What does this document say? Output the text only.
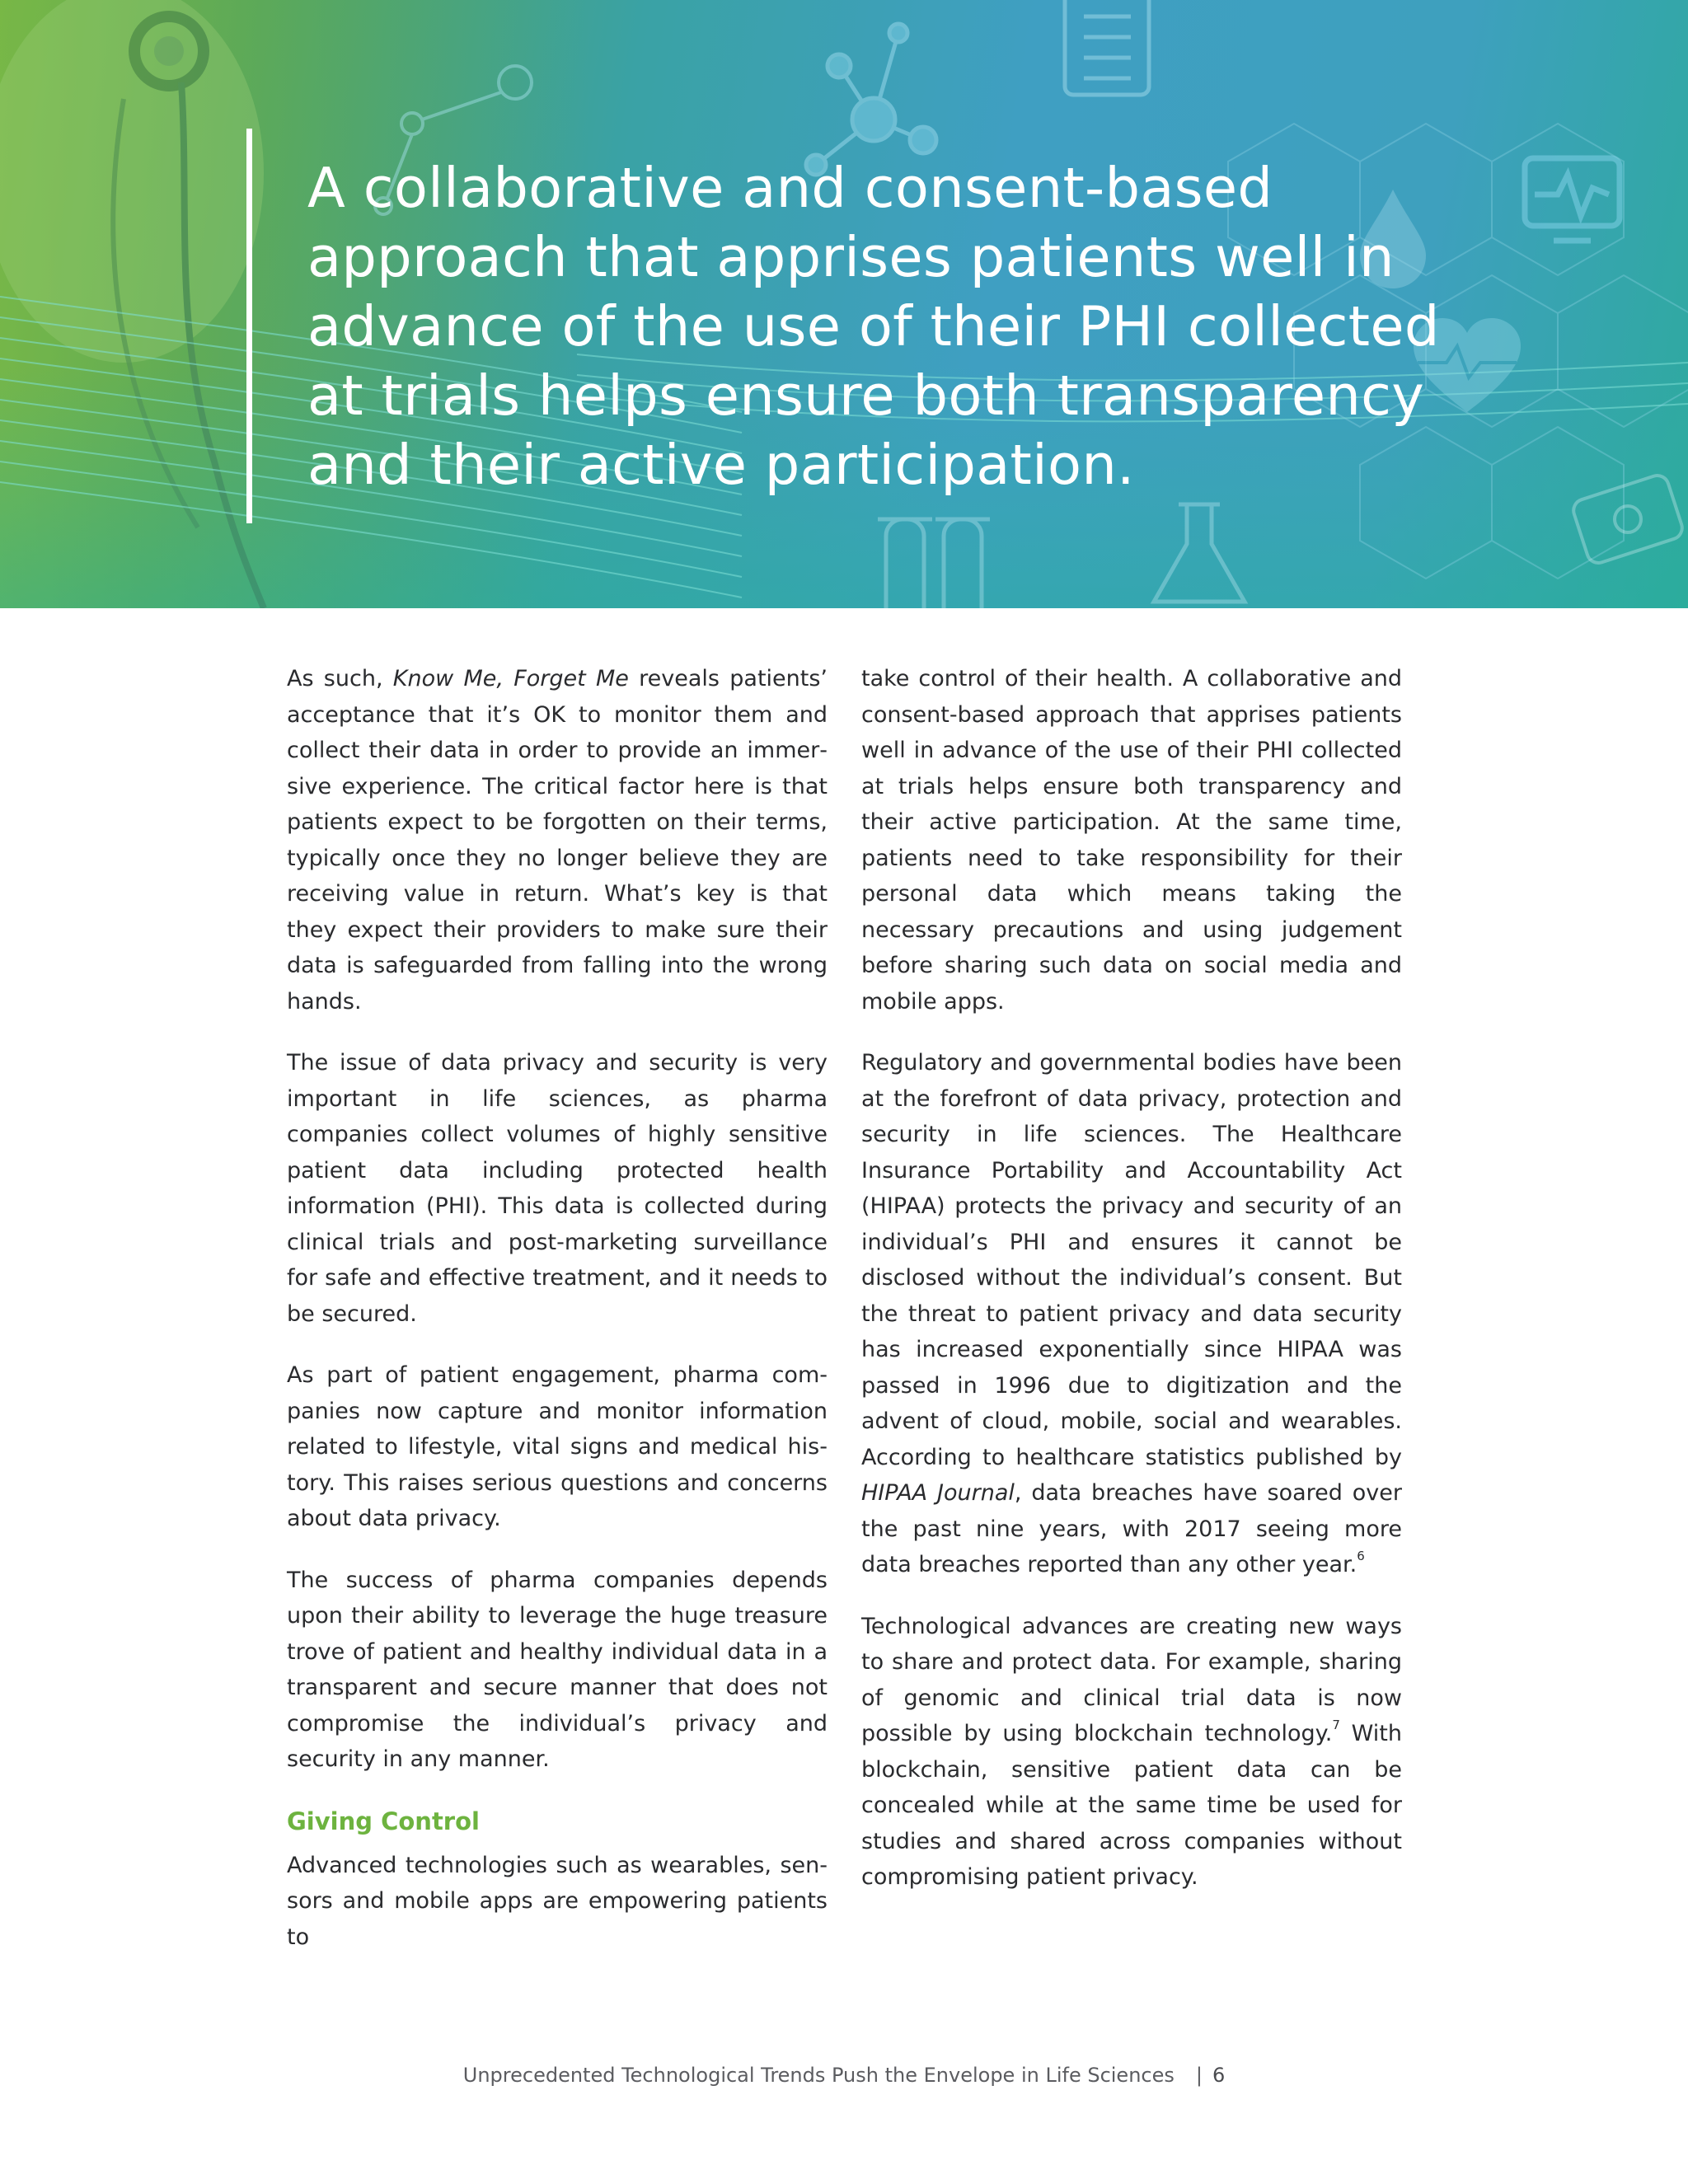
A collaborative and consent-based approach that apprises patients well in advance of the use of their PHI collected at trials helps ensure both transparency and their active participation.

As such, Know Me, Forget Me reveals patients’ acceptance that it’s OK to monitor them and collect their data in order to provide an immersive experience. The critical factor here is that patients expect to be forgotten on their terms, typically once they no longer believe they are receiving value in return. What’s key is that they expect their providers to make sure their data is safeguarded from falling into the wrong hands.

The issue of data privacy and security is very important in life sciences, as pharma companies collect volumes of highly sensitive patient data including protected health information (PHI). This data is collected during clinical trials and post-marketing surveillance for safe and effective treatment, and it needs to be secured.

As part of patient engagement, pharma companies now capture and monitor information related to lifestyle, vital signs and medical history. This raises serious questions and concerns about data privacy.

The success of pharma companies depends upon their ability to leverage the huge treasure trove of patient and healthy individual data in a transparent and secure manner that does not compromise the individual’s privacy and security in any manner.

Giving Control

Advanced technologies such as wearables, sensors and mobile apps are empowering patients to

take control of their health. A collaborative and consent-based approach that apprises patients well in advance of the use of their PHI collected at trials helps ensure both transparency and their active participation. At the same time, patients need to take responsibility for their personal data which means taking the necessary precautions and using judgement before sharing such data on social media and mobile apps.

Regulatory and governmental bodies have been at the forefront of data privacy, protection and security in life sciences. The Healthcare Insurance Portability and Accountability Act (HIPAA) protects the privacy and security of an individual’s PHI and ensures it cannot be disclosed without the individual’s consent. But the threat to patient privacy and data security has increased exponentially since HIPAA was passed in 1996 due to digitization and the advent of cloud, mobile, social and wearables. According to healthcare statistics published by HIPAA Journal, data breaches have soared over the past nine years, with 2017 seeing more data breaches reported than any other year.$^6$

Technological advances are creating new ways to share and protect data. For example, sharing of genomic and clinical trial data is now possible by using blockchain technology.$^7$ With blockchain, sensitive patient data can be concealed while at the same time be used for studies and shared across companies without compromising patient privacy.

Unprecedented Technological Trends Push the Envelope in Life Sciences | 6
